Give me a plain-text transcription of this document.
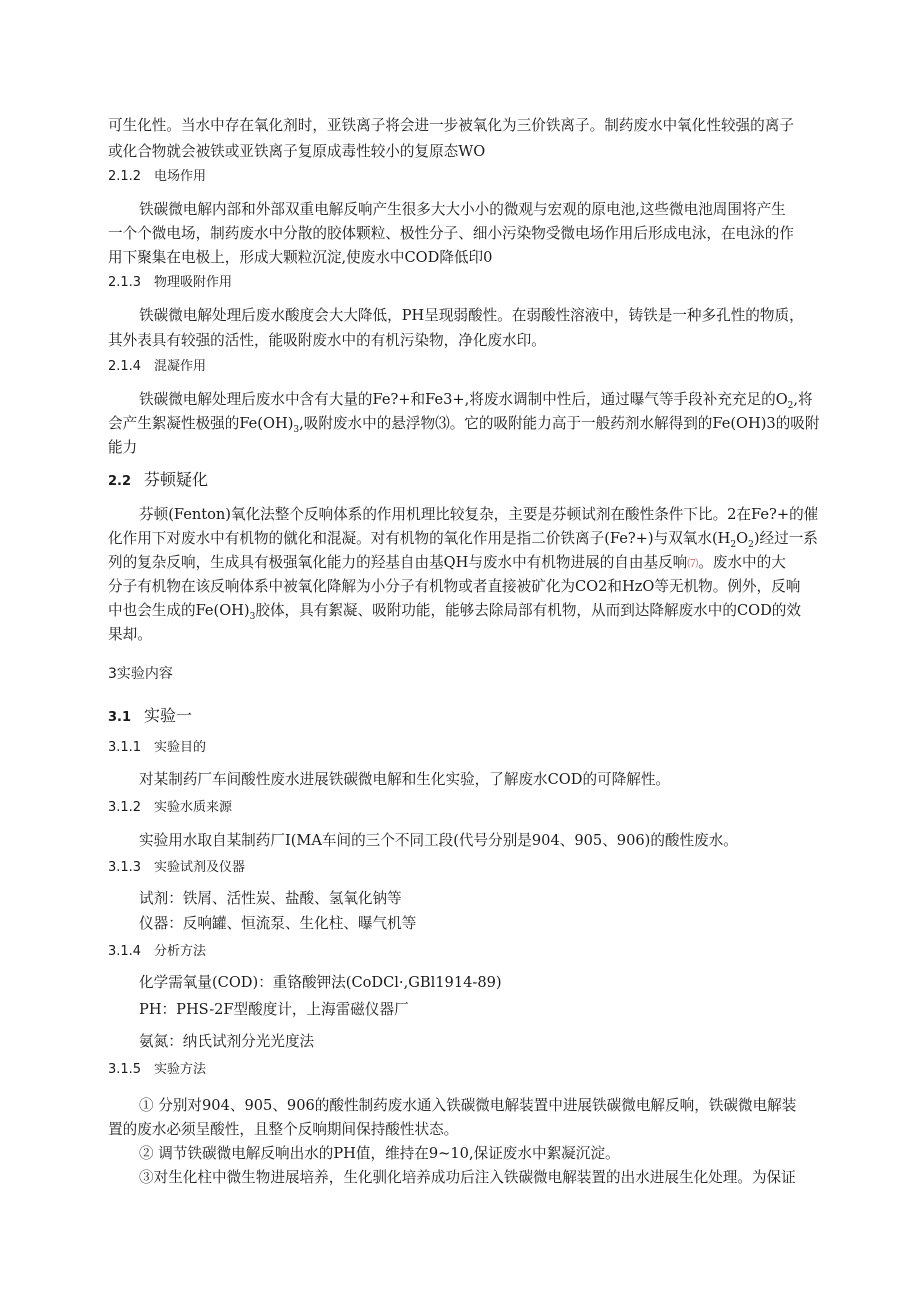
可生化性。当水中存在氧化剂时，亚铁离子将会进一步被氧化为三价铁离子。制药废水中氧化性较强的离子
或化合物就会被铁或亚铁离子复原成毒性较小的复原态WO
2.1.2 电场作用
铁碳微电解内部和外部双重电解反响产生很多大大小小的微观与宏观的原电池,这些微电池周围将产生
一个个微电场，制药废水中分散的胶体颗粒、极性分子、细小污染物受微电场作用后形成电泳，在电泳的作
用下聚集在电极上，形成大颗粒沉淀,使废水中COD降低印0
2.1.3 物理吸附作用
铁碳微电解处理后废水酸度会大大降低，PH呈现弱酸性。在弱酸性溶液中，铸铁是一种多孔性的物质，
其外表具有较强的活性，能吸附废水中的有机污染物，净化废水印。
2.1.4 混凝作用
铁碳微电解处理后废水中含有大量的Fe?+和Fe3+,将废水调制中性后，通过曝气等手段补充充足的$O_2$,将
会产生絮凝性极强的$Fe(OH)_3$,吸附废水中的悬浮物⑶。它的吸附能力高于一般药剂水解得到的Fe(OH)3的吸附
能力
2.2 芬顿疑化
芬顿(Fenton)氧化法整个反响体系的作用机理比较复杂，主要是芬顿试剂在酸性条件下比。2在Fe?+的催
化作用下对废水中有机物的僦化和混凝。对有机物的氧化作用是指二价铁离子(Fe?+)与双氧水$(H_2O_2)$经过一系
列的复杂反响，生成具有极强氧化能力的羟基自由基QH与废水中有机物进展的自由基反响⑺。废水中的大
分子有机物在该反响体系中被氧化降解为小分子有机物或者直接被矿化为CO2和HzO等无机物。例外，反响
中也会生成的$Fe(OH)_3$胶体，具有絮凝、吸附功能，能够去除局部有机物，从而到达降解废水中的COD的效
果却。
3实验内容
3.1 实验一
3.1.1 实验目的
对某制药厂车间酸性废水进展铁碳微电解和生化实验，了解废水COD的可降解性。
3.1.2 实验水质来源
实验用水取自某制药厂I(MA车间的三个不同工段(代号分别是904、905、906)的酸性废水。
3.1.3 实验试剂及仪器
试剂：铁屑、活性炭、盐酸、氢氧化钠等
仪器：反响罐、恒流泵、生化柱、曝气机等
3.1.4 分析方法
化学需氧量(COD)：重铬酸钾法(CoDCl·,GBl1914-89)
PH：PHS-2F型酸度计，上海雷磁仪器厂
氨氮：纳氏试剂分光光度法
3.1.5 实验方法
① 分别对904、905、906的酸性制药废水通入铁碳微电解装置中进展铁碳微电解反响，铁碳微电解装
置的废水必须呈酸性，且整个反响期间保持酸性状态。
② 调节铁碳微电解反响出水的PH值，维持在9~10,保证废水中絮凝沉淀。
③对生化柱中微生物进展培养，生化驯化培养成功后注入铁碳微电解装置的出水进展生化处理。为保证
